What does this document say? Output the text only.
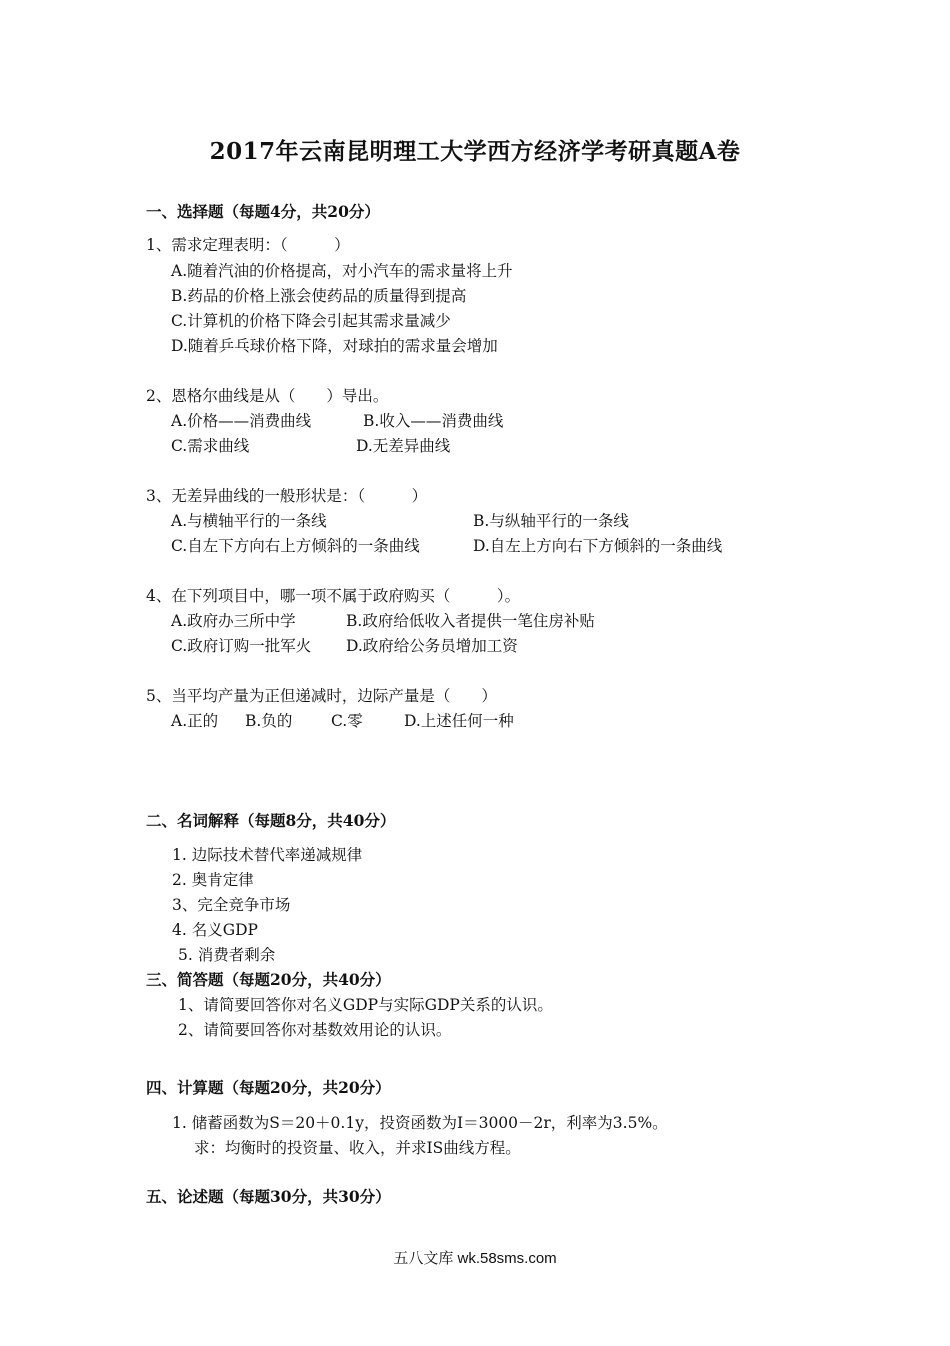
2017年云南昆明理工大学西方经济学考研真题A卷
一、选择题（每题4分，共20分）
1、需求定理表明：（　　　）
A.随着汽油的价格提高，对小汽车的需求量将上升
B.药品的价格上涨会使药品的质量得到提高
C.计算机的价格下降会引起其需求量减少
D.随着乒乓球价格下降，对球拍的需求量会增加
2、恩格尔曲线是从（　　）导出。
A.价格——消费曲线	B.收入——消费曲线
C.需求曲线	D.无差异曲线
3、无差异曲线的一般形状是：（　　　）
A.与横轴平行的一条线	B.与纵轴平行的一条线
C.自左下方向右上方倾斜的一条曲线	D.自左上方向右下方倾斜的一条曲线
4、在下列项目中，哪一项不属于政府购买（　　　）。
A.政府办三所中学	B.政府给低收入者提供一笔住房补贴
C.政府订购一批军火 D.政府给公务员增加工资
5、当平均产量为正但递减时，边际产量是（　　）
A.正的 B.负的 C.零	D.上述任何一种
二、名词解释（每题8分，共40分）
1. 边际技术替代率递减规律
2. 奥肯定律
3、完全竞争市场
4. 名义GDP
5. 消费者剩余
三、简答题（每题20分，共40分）
1、请简要回答你对名义GDP与实际GDP关系的认识。
2、请简要回答你对基数效用论的认识。
四、计算题（每题20分，共20分）
1. 储蓄函数为S＝20＋0.1y，投资函数为I＝3000－2r，利率为3.5%。
求：均衡时的投资量、收入，并求IS曲线方程。
五、论述题（每题30分，共30分）
五八文库 wk.58sms.com
